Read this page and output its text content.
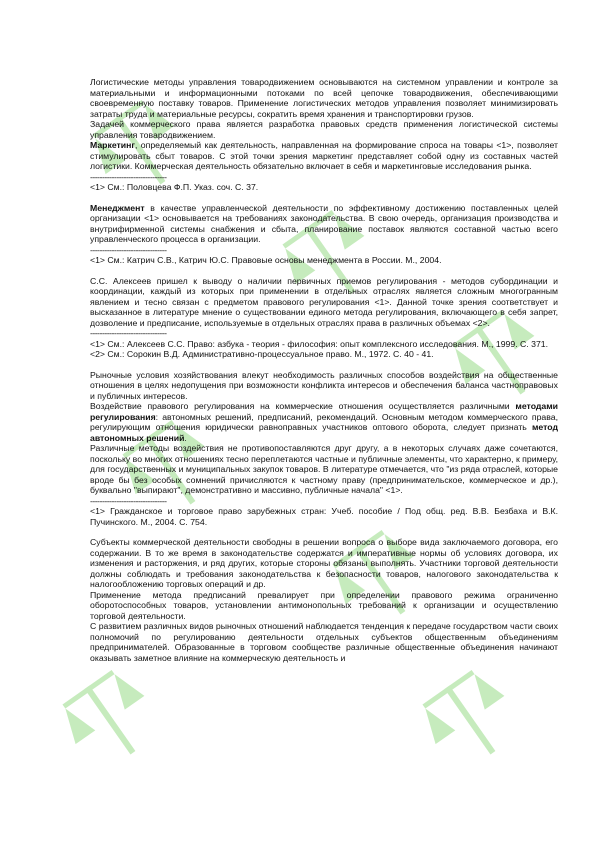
Логистические методы управления товародвижением основываются на системном управлении и контроле за материальными и информационными потоками по всей цепочке товародвижения, обеспечивающими своевременную поставку товаров. Применение логистических методов управления позволяет минимизировать затраты труда и материальные ресурсы, сократить время хранения и транспортировки грузов.

Задачей коммерческого права является разработка правовых средств применения логистической системы управления товародвижением.

Маркетинг, определяемый как деятельность, направленная на формирование спроса на товары <1>, позволяет стимулировать сбыт товаров. С этой точки зрения маркетинг представляет собой одну из составных частей логистики. Коммерческая деятельность обязательно включает в себя и маркетинговые исследования рынка.

--------------------------------

<1> См.: Половцева Ф.П. Указ. соч. С. 37.

Менеджмент в качестве управленческой деятельности по эффективному достижению поставленных целей организации <1> основывается на требованиях законодательства. В свою очередь, организация производства и внутрифирменной системы снабжения и сбыта, планирование поставок являются составной частью всего управленческого процесса в организации.

--------------------------------

<1> См.: Катрич С.В., Катрич Ю.С. Правовые основы менеджмента в России. М., 2004.

С.С. Алексеев пришел к выводу о наличии первичных приемов регулирования - методов субординации и координации, каждый из которых при применении в отдельных отраслях является сложным многогранным явлением и тесно связан с предметом правового регулирования <1>. Данной точке зрения соответствует и высказанное в литературе мнение о существовании единого метода регулирования, включающего в себя запрет, дозволение и предписание, используемые в отдельных отраслях права в различных объемах <2>.

--------------------------------

<1> См.: Алексеев С.С. Право: азбука - теория - философия: опыт комплексного исследования. М., 1999. С. 371.

<2> См.: Сорокин В.Д. Административно-процессуальное право. М., 1972. С. 40 - 41.

Рыночные условия хозяйствования влекут необходимость различных способов воздействия на общественные отношения в целях недопущения при возможности конфликта интересов и обеспечения баланса частноправовых и публичных интересов.

Воздействие правового регулирования на коммерческие отношения осуществляется различными методами регулирования: автономных решений, предписаний, рекомендаций. Основным методом коммерческого права, регулирующим отношения юридически равноправных участников оптового оборота, следует признать метод автономных решений.

Различные методы воздействия не противопоставляются друг другу, а в некоторых случаях даже сочетаются, поскольку во многих отношениях тесно переплетаются частные и публичные элементы, что характерно, к примеру, для государственных и муниципальных закупок товаров. В литературе отмечается, что "из ряда отраслей, которые вроде бы без особых сомнений причисляются к частному праву (предпринимательское, коммерческое и др.), буквально "выпирают", демонстративно и массивно, публичные начала" <1>.

--------------------------------

<1> Гражданское и торговое право зарубежных стран: Учеб. пособие / Под общ. ред. В.В. Безбаха и В.К. Пучинского. М., 2004. С. 754.

Субъекты коммерческой деятельности свободны в решении вопроса о выборе вида заключаемого договора, его содержании. В то же время в законодательстве содержатся и императивные нормы об условиях договора, их изменения и расторжения, и ряд других, которые стороны обязаны выполнять. Участники торговой деятельности должны соблюдать и требования законодательства к безопасности товаров, налогового законодательства к налогообложению торговых операций и др.

Применение метода предписаний превалирует при определении правового режима ограниченно оборотоспособных товаров, установлении антимонопольных требований к организации и осуществлению торговой деятельности.

С развитием различных видов рыночных отношений наблюдается тенденция к передаче государством части своих полномочий по регулированию деятельности отдельных субъектов общественным объединениям предпринимателей. Образованные в торговом сообществе различные общественные объединения начинают оказывать заметное влияние на коммерческую деятельность и
